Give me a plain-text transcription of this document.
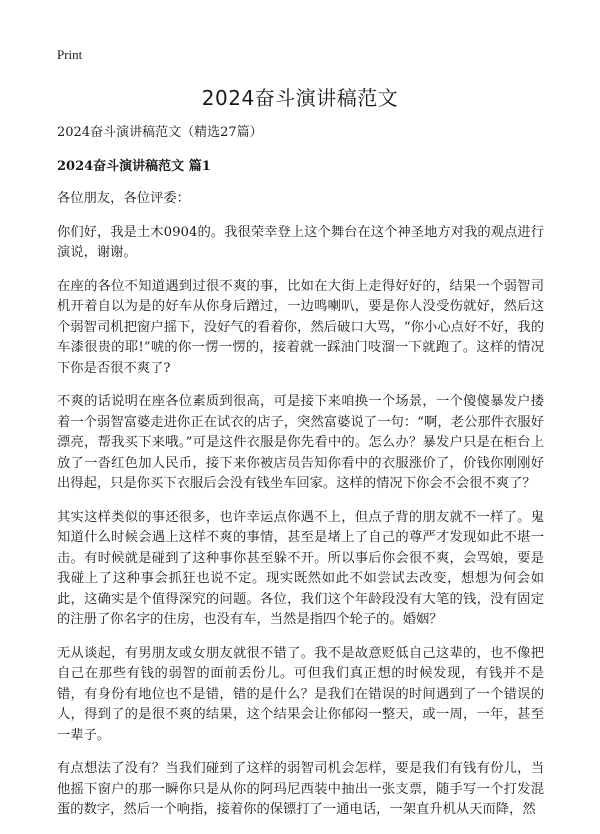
Print
2024奋斗演讲稿范文

2024奋斗演讲稿范文（精选27篇）

2024奋斗演讲稿范文 篇1

各位朋友，各位评委：

你们好，我是土木0904的。我很荣幸登上这个舞台在这个神圣地方对我的观点进行演说，谢谢。

在座的各位不知道遇到过很不爽的事，比如在大街上走得好好的，结果一个弱智司机开着自以为是的好车从你身后蹭过，一边鸣喇叭，要是你人没受伤就好，然后这个弱智司机把窗户摇下，没好气的看着你，然后破口大骂，“你小心点好不好，我的车漆很贵的耶!”唬的你一愣一愣的，接着就一踩油门吱溜一下就跑了。这样的情况下你是否很不爽了?

不爽的话说明在座各位素质到很高，可是接下来咱换一个场景，一个傻傻暴发户搂着一个弱智富婆走进你正在试衣的店子，突然富婆说了一句：“啊，老公那件衣服好漂亮，帮我买下来哦。”可是这件衣服是你先看中的。怎么办？暴发户只是在柜台上放了一沓红色加人民币，接下来你被店员告知你看中的衣服涨价了，价钱你刚刚好出得起，只是你买下衣服后会没有钱坐车回家。这样的情况下你会不会很不爽了？

其实这样类似的事还很多，也许幸运点你遇不上，但点子背的朋友就不一样了。鬼知道什么时候会遇上这样不爽的事情，甚至是堵上了自己的尊严才发现如此不堪一击。有时候就是碰到了这种事你甚至躲不开。所以事后你会很不爽，会骂娘，要是我碰上了这种事会抓狂也说不定。现实既然如此不如尝试去改变，想想为何会如此，这确实是个值得深究的问题。各位，我们这个年龄段没有大笔的钱，没有固定的注册了你名字的住房，也没有车，当然是指四个轮子的。婚姻？

无从谈起，有男朋友或女朋友就很不错了。我不是故意贬低自己这辈的，也不像把自己在那些有钱的弱智的面前丢份儿。可但我们真正想的时候发现，有钱并不是错，有身份有地位也不是错，错的是什么？是我们在错误的时间遇到了一个错误的人，得到了的是很不爽的结果，这个结果会让你郁闷一整天，或一周，一年，甚至一辈子。

有点想法了没有？当我们碰到了这样的弱智司机会怎样，要是我们有钱有份儿，当他摇下窗户的那一瞬你只是从你的阿玛尼西装中抽出一张支票，随手写一个打发混蛋的数字，然后一个响指，接着你的保镖打了一通电话，一架直升机从天而降，然
